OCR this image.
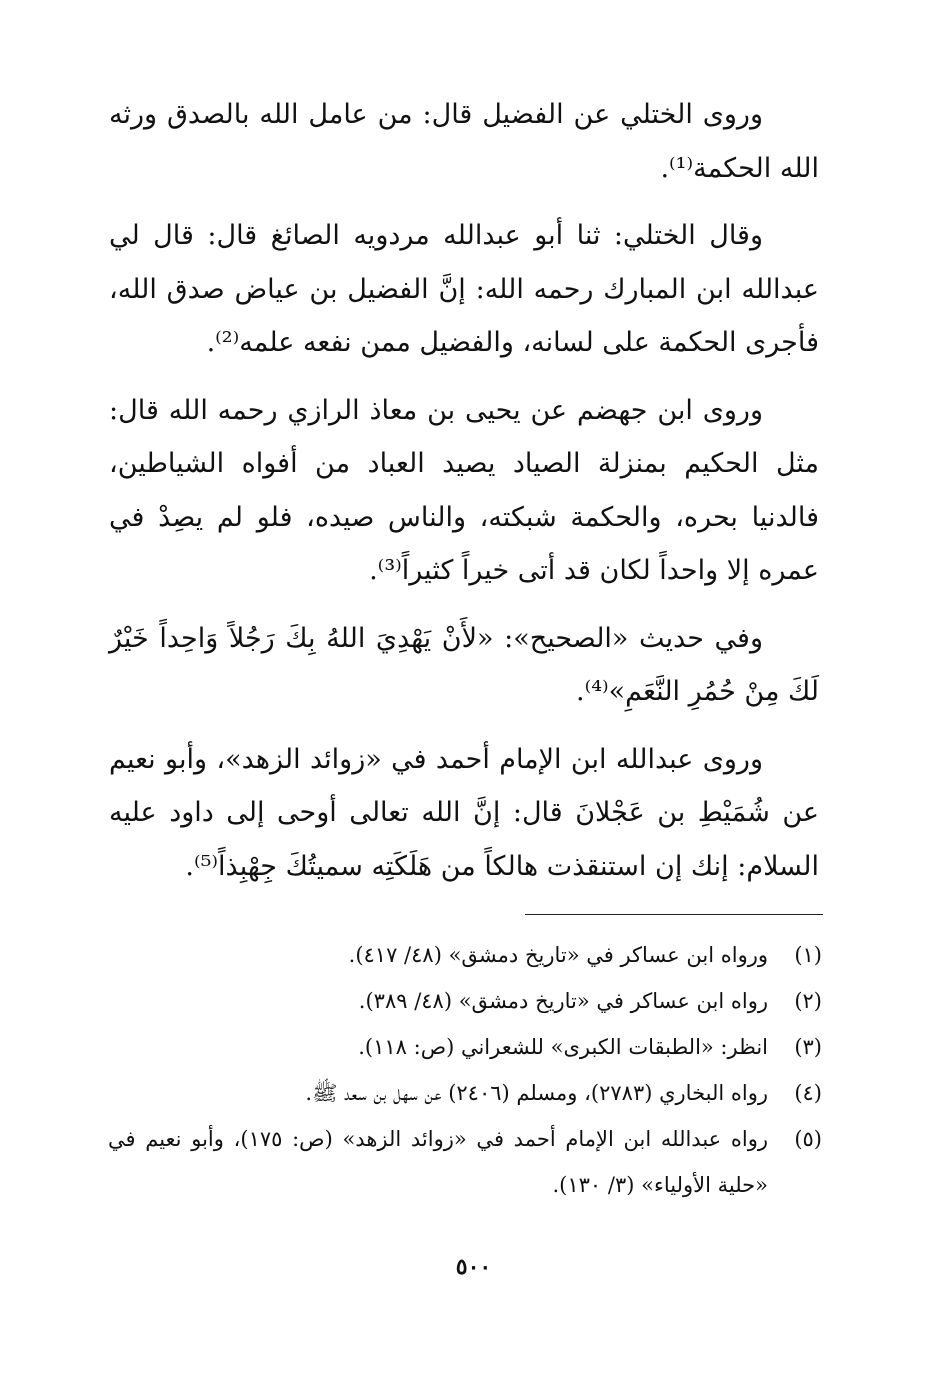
وروى الختلي عن الفضيل قال: من عامل الله بالصدق ورثه الله الحكمة⁽¹⁾.

وقال الختلي: ثنا أبو عبدالله مردويه الصائغ قال: قال لي عبدالله ابن المبارك رحمه الله: إنَّ الفضيل بن عياض صدق الله، فأجرى الحكمة على لسانه، والفضيل ممن نفعه علمه⁽²⁾.

وروى ابن جهضم عن يحيى بن معاذ الرازي رحمه الله قال: مثل الحكيم بمنزلة الصياد يصيد العباد من أفواه الشياطين، فالدنيا بحره، والحكمة شبكته، والناس صيده، فلو لم يصِدْ في عمره إلا واحداً لكان قد أتى خيراً كثيراً⁽³⁾.

وفي حديث «الصحيح»: «لأَنْ يَهْدِيَ اللهُ بِكَ رَجُلاً وَاحِداً خَيْرٌ لَكَ مِنْ حُمُرِ النَّعَمِ»⁽⁴⁾.

وروى عبدالله ابن الإمام أحمد في «زوائد الزهد»، وأبو نعيم عن شُمَيْطِ بن عَجْلانَ قال: إنَّ الله تعالى أوحى إلى داود عليه السلام: إنك إن استنقذت هالكاً من هَلَكَتِه سميتُكَ جِهْبِذاً⁽⁵⁾.

(١)
ورواه ابن عساكر في «تاريخ دمشق» (٤٨/ ٤١٧).
(٢)
رواه ابن عساكر في «تاريخ دمشق» (٤٨/ ٣٨٩).
(٣)
انظر: «الطبقات الكبرى» للشعراني (ص: ١١٨).
(٤)
رواه البخاري (٢٧٨٣)، ومسلم (٢٤٠٦) عن سهل بن سعد ﷺ.
(٥)
رواه عبدالله ابن الإمام أحمد في «زوائد الزهد» (ص: ١٧٥)، وأبو نعيم في «حلية الأولياء» (٣/ ١٣٠).
٥٠٠
